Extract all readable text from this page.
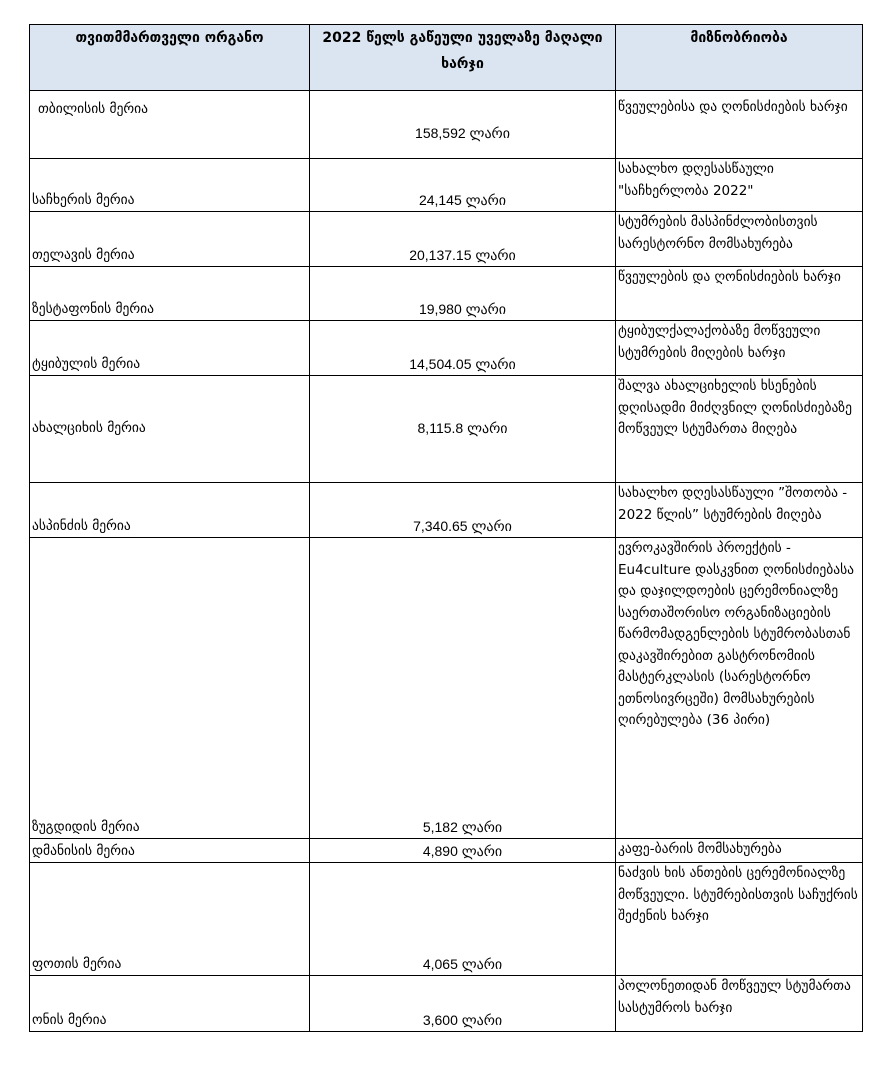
თვითმმართველი ორგანო	2022 წელს გაწეული უველაზე მაღალი ხარჯი	მიზნობრიობა
თბილისის მერია	158,592 ლარი	წვეულებისა და ღონისძიების ხარჯი
საჩხერის მერია	24,145 ლარი	სახალხო დღესასწაული "საჩხერლობა 2022"
თელავის მერია	20,137.15 ლარი	სტუმრების მასპინძლობისთვის სარესტორნო მომსახურება
ზესტაფონის მერია	19,980 ლარი	წვეულების და ღონისძიების ხარჯი
ტყიბულის მერია	14,504.05 ლარი	ტყიბულქალაქობაზე მოწვეული სტუმრების მიღების ხარჯი
ახალციხის მერია	8,115.8 ლარი	შალვა ახალციხელის ხსენების დღისადმი მიძღვნილ ღონისძიებაზე მოწვეულ სტუმართა მიღება
ასპინძის მერია	7,340.65 ლარი	სახალხო დღესასწაული ”შოთობა - 2022 წლის” სტუმრების მიღება
ზუგდიდის მერია	5,182 ლარი	ევროკავშირის პროექტის - Eu4culture დასკვნით ღონისძიებასა და დაჯილდოების ცერემონიალზე საერთაშორისო ორგანიზაციების წარმომადგენლების სტუმრობასთან დაკავშირებით გასტრონომიის მასტერკლასის (სარესტორნო ეთნოსივრცეში) მომსახურების ღირებულება (36 პირი)
დმანისის მერია	4,890 ლარი	კაფე-ბარის მომსახურება
ფოთის მერია	4,065 ლარი	ნაძვის ხის ანთების ცერემონიალზე მოწვეული. სტუმრებისთვის საჩუქრის შეძენის ხარჯი
ონის მერია	3,600 ლარი	პოლონეთიდან მოწვეულ სტუმართა სასტუმროს ხარჯი
